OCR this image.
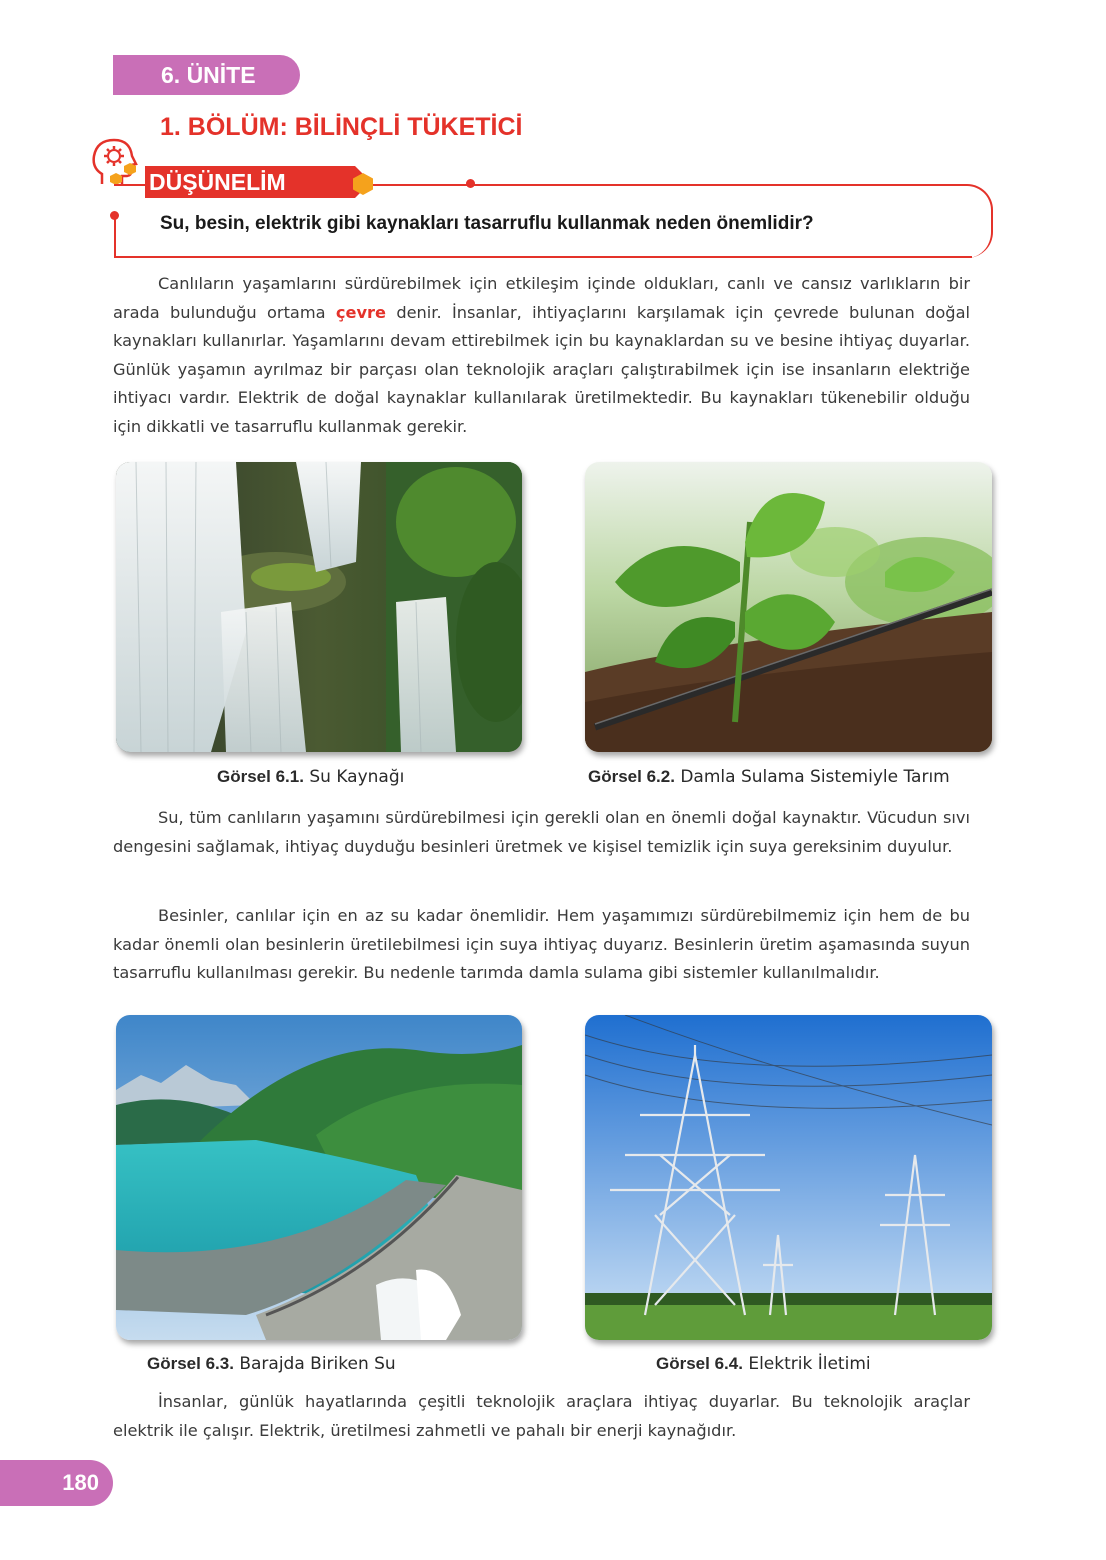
6. ÜNİTE
1. BÖLÜM: BİLİNÇLİ TÜKETİCİ
DÜŞÜNELİM
Su, besin, elektrik gibi kaynakları tasarruflu kullanmak neden önemlidir?

Canlıların yaşamlarını sürdürebilmek için etkileşim içinde oldukları, canlı ve cansız varlıkların bir arada bulunduğu ortama çevre denir. İnsanlar, ihtiyaçlarını karşılamak için çevrede bulunan doğal kaynakları kullanırlar. Yaşamlarını devam ettirebilmek için bu kaynaklardan su ve besine ihtiyaç duyarlar. Günlük yaşamın ayrılmaz bir parçası olan teknolojik araçları çalıştırabilmek için ise insanların elektriğe ihtiyacı vardır. Elektrik de doğal kaynaklar kullanılarak üretilmektedir. Bu kaynakları tükenebilir olduğu için dikkatli ve tasarruflu kullanmak gerekir.

Görsel 6.1. Su Kaynağı	Görsel 6.2. Damla Sulama Sistemiyle Tarım

Su, tüm canlıların yaşamını sürdürebilmesi için gerekli olan en önemli doğal kaynaktır. Vücudun sıvı dengesini sağlamak, ihtiyaç duyduğu besinleri üretmek ve kişisel temizlik için suya gereksinim duyulur.

Besinler, canlılar için en az su kadar önemlidir. Hem yaşamımızı sürdürebilmemiz için hem de bu kadar önemli olan besinlerin üretilebilmesi için suya ihtiyaç duyarız. Besinlerin üretim aşamasında suyun tasarruflu kullanılması gerekir. Bu nedenle tarımda damla sulama gibi sistemler kullanılmalıdır.

Görsel 6.3. Barajda Biriken Su	Görsel 6.4. Elektrik İletimi

İnsanlar, günlük hayatlarında çeşitli teknolojik araçlara ihtiyaç duyarlar. Bu teknolojik araçlar elektrik ile çalışır. Elektrik, üretilmesi zahmetli ve pahalı bir enerji kaynağıdır.

180
